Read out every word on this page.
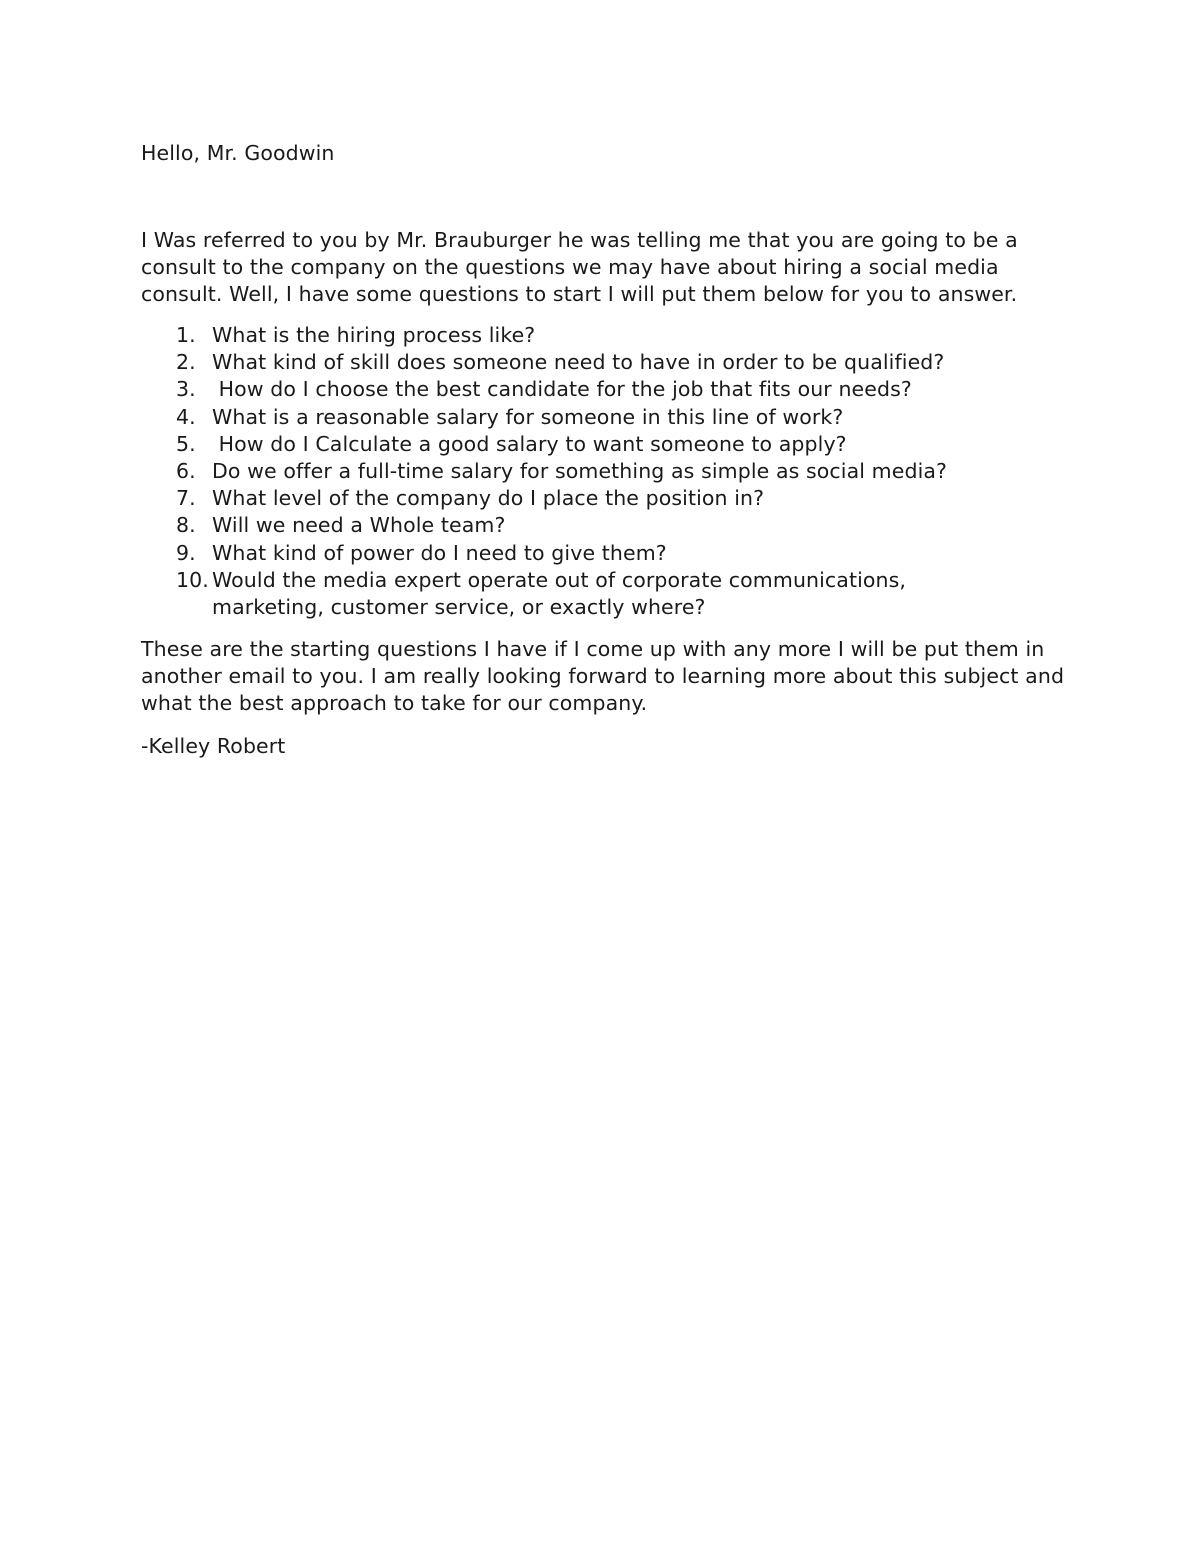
Hello, Mr. Goodwin

I Was referred to you by Mr. Brauburger he was telling me that you are going to be a consult to the company on the questions we may have about hiring a social media consult. Well, I have some questions to start I will put them below for you to answer.

1. What is the hiring process like?
2. What kind of skill does someone need to have in order to be qualified?
3. How do I choose the best candidate for the job that fits our needs?
4. What is a reasonable salary for someone in this line of work?
5. How do I Calculate a good salary to want someone to apply?
6. Do we offer a full-time salary for something as simple as social media?
7. What level of the company do I place the position in?
8. Will we need a Whole team?
9. What kind of power do I need to give them?
10. Would the media expert operate out of corporate communications, marketing, customer service, or exactly where?

These are the starting questions I have if I come up with any more I will be put them in another email to you. I am really looking forward to learning more about this subject and what the best approach to take for our company.

-Kelley Robert
